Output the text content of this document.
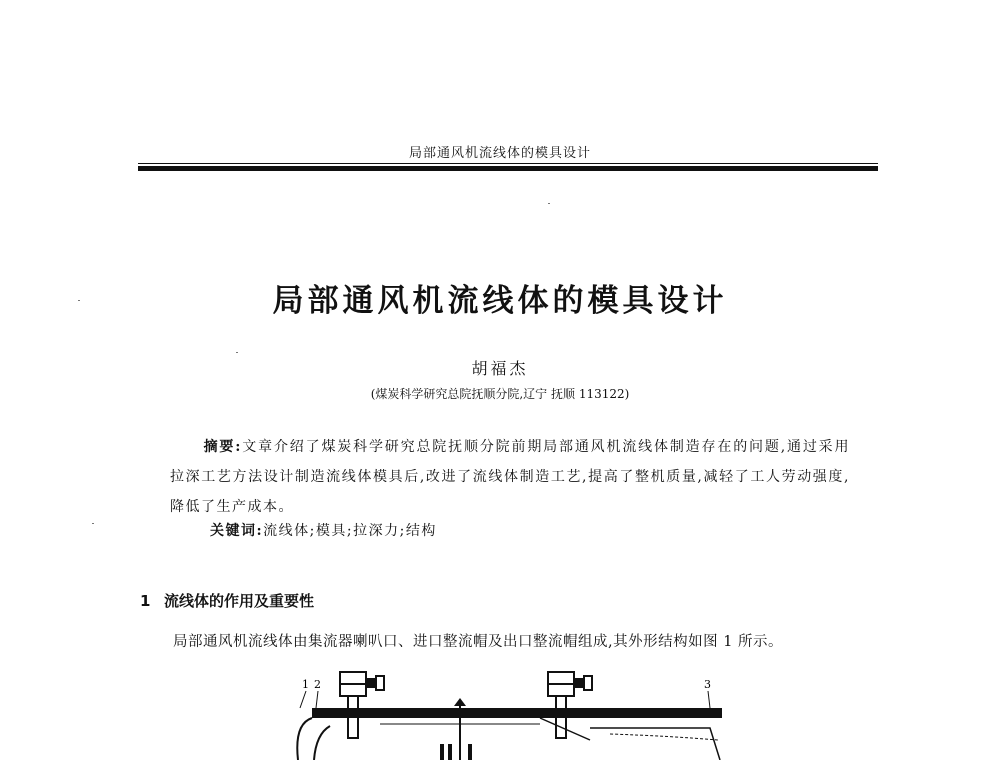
局部通风机流线体的模具设计
局部通风机流线体的模具设计
胡福杰
(煤炭科学研究总院抚顺分院,辽宁 抚顺 113122)
摘要:文章介绍了煤炭科学研究总院抚顺分院前期局部通风机流线体制造存在的问题,通过采用拉深工艺方法设计制造流线体模具后,改进了流线体制造工艺,提高了整机质量,减轻了工人劳动强度,降低了生产成本。
关键词:流线体;模具;拉深力;结构
1 流线体的作用及重要性
局部通风机流线体由集流器喇叭口、进口整流帽及出口整流帽组成,其外形结构如图 1 所示。
1 2	3
